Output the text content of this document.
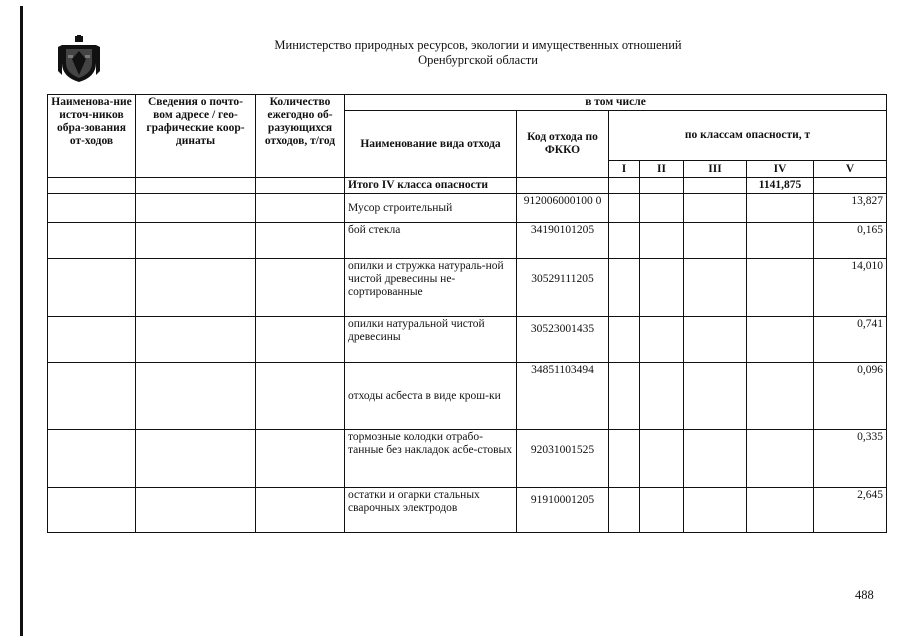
Министерство природных ресурсов, экологии и имущественных отношений
Оренбургской области
Наименова-ние источ-ников обра-зования от-ходов	Сведения о почто-вом адресе / гео-графические коор-динаты	Количество ежегодно об-разующихся отходов, т/год	в том числе						
			Наименование вида отхода	Код отхода по ФККО	по классам опасности, т				
					I	II	III	IV	V
			Итого IV класса опасности					1141,875	
			Мусор строительный	912006000100 0					13,827
			бой стекла	34190101205					0,165
			опилки и стружка натураль-ной чистой древесины не-сортированные	30529111205					14,010
			опилки натуральной чистой древесины	30523001435					0,741
			отходы асбеста в виде крош-ки	34851103494					0,096
			тормозные колодки отрабо-танные без накладок асбе-стовых	92031001525					0,335
			остатки и огарки стальных сварочных электродов	91910001205					2,645
488
